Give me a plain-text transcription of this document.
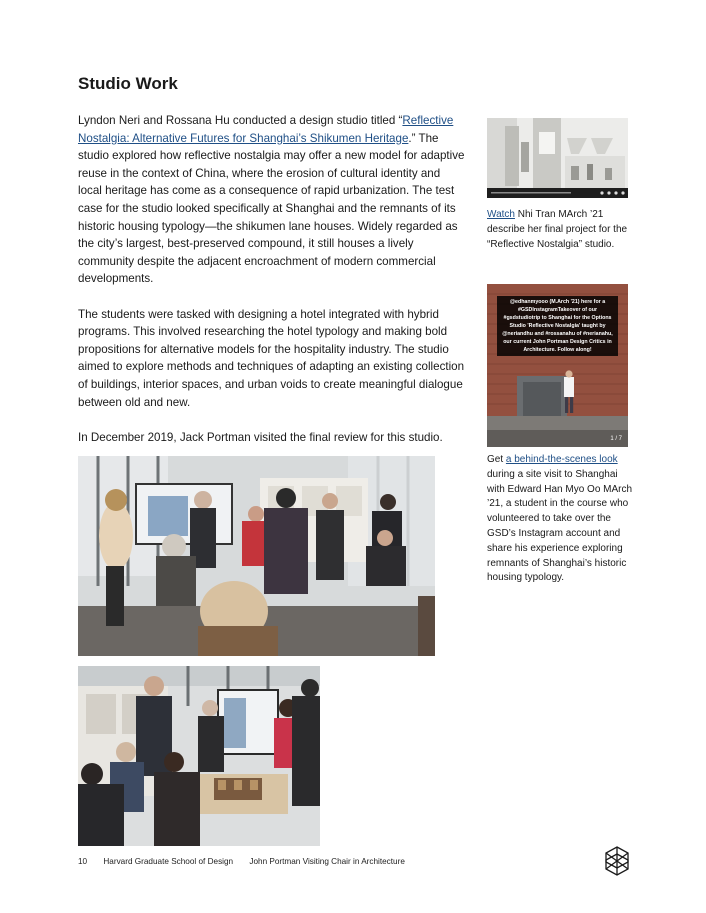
Studio Work

Lyndon Neri and Rossana Hu conducted a design studio titled “Reflective Nostalgia: Alternative Futures for Shanghai’s Shikumen Heritage.” The studio explored how reflective nostalgia may offer a new model for adaptive reuse in the context of China, where the erosion of cultural identity and local heritage has come as a consequence of rapid urbanization. The test case for the studio looked specifically at Shanghai and the remnants of its historic housing typology—the shikumen lane houses. Widely regarded as the city’s largest, best-preserved compound, it still houses a lively community despite the adjacent encroachment of modern commercial developments.

The students were tasked with designing a hotel integrated with hybrid programs. This involved researching the hotel typology and making bold propositions for alternative models for the hospitality industry. The studio aimed to explore methods and techniques of adapting an existing collection of buildings, interior spaces, and urban voids to create meaningful dialogue between old and new.

In December 2019, Jack Portman visited the final review for this studio.

Watch Nhi Tran MArch ’21 describe her final project for the “Reflective Nostalgia” studio.
@edhanmyooo (M.Arch '21) here for a #GSDInstagramTakeover of our #gsdstudiotrip to Shanghai for the Options Studio 'Reflective Nostalgia' taught by @neriandhu and #rossanahu of #nerianahu, our current John Portman Design Critics in Architecture. Follow along!
1 / 7
Get a behind-the-scenes look during a site visit to Shanghai with Edward Han Myo Oo MArch ’21, a student in the course who volunteered to take over the GSD’s Instagram account and share his experience exploring remnants of Shanghai’s historic housing typology.
10 Harvard Graduate School of Design John Portman Visiting Chair in Architecture
